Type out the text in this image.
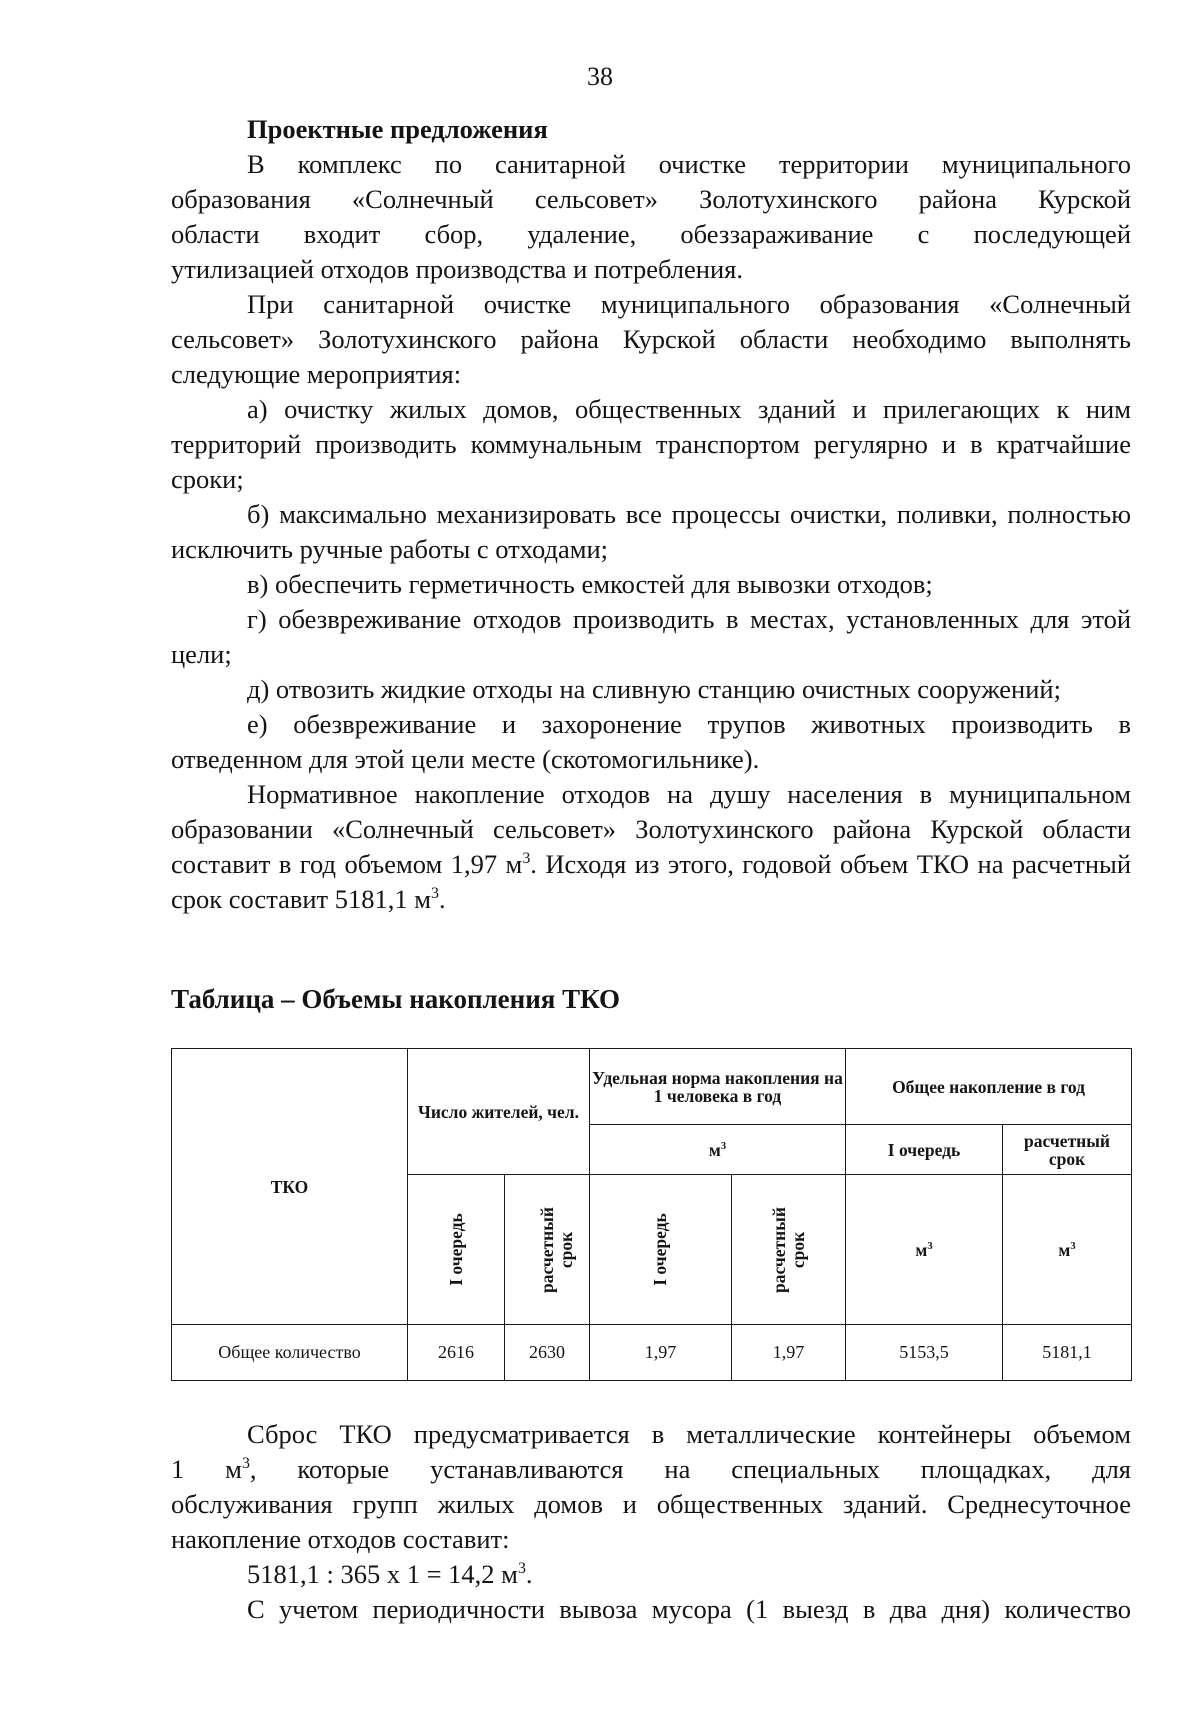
38

Проектные предложения

В комплекс по санитарной очистке территории муниципального
образования «Солнечный сельсовет» Золотухинского района Курской
области входит сбор, удаление, обеззараживание с последующей
утилизацией отходов производства и потребления.

При санитарной очистке муниципального образования «Солнечный сельсовет» Золотухинского района Курской области необходимо выполнять следующие мероприятия:

а) очистку жилых домов, общественных зданий и прилегающих к ним территорий производить коммунальным транспортом регулярно и в кратчайшие сроки;

б) максимально механизировать все процессы очистки, поливки, полностью исключить ручные работы с отходами;

в) обеспечить герметичность емкостей для вывозки отходов;

г) обезвреживание отходов производить в местах, установленных для этой цели;

д) отвозить жидкие отходы на сливную станцию очистных сооружений;

е) обезвреживание и захоронение трупов животных производить в отведенном для этой цели месте (скотомогильнике).

Нормативное накопление отходов на душу населения в муниципальном образовании «Солнечный сельсовет» Золотухинского района Курской области составит в год объемом 1,97 $м^3$. Исходя из этого, годовой объем ТКО на расчетный срок составит 5181,1 $м^3$.

Таблица – Объемы накопления ТКО
ТКО	Число жителей, чел.		Удельная норма накопления на 1 человека в год		Общее накопление в год	
			$м^3$		I очередь	расчетный срок
	I очередь	расчетный срок	I очередь	расчетный срок	$м^3$	$м^3$
Общее количество	2616	2630	1,97	1,97	5153,5	5181,1
Сброс ТКО предусматривается в металлические контейнеры объемом
1 $м^3$, которые устанавливаются на специальных площадках, для
обслуживания групп жилых домов и общественных зданий. Среднесуточное
накопление отходов составит:
5181,1 : 365 х 1 = 14,2 $м^3$.
С учетом периодичности вывоза мусора (1 выезд в два дня) количество
